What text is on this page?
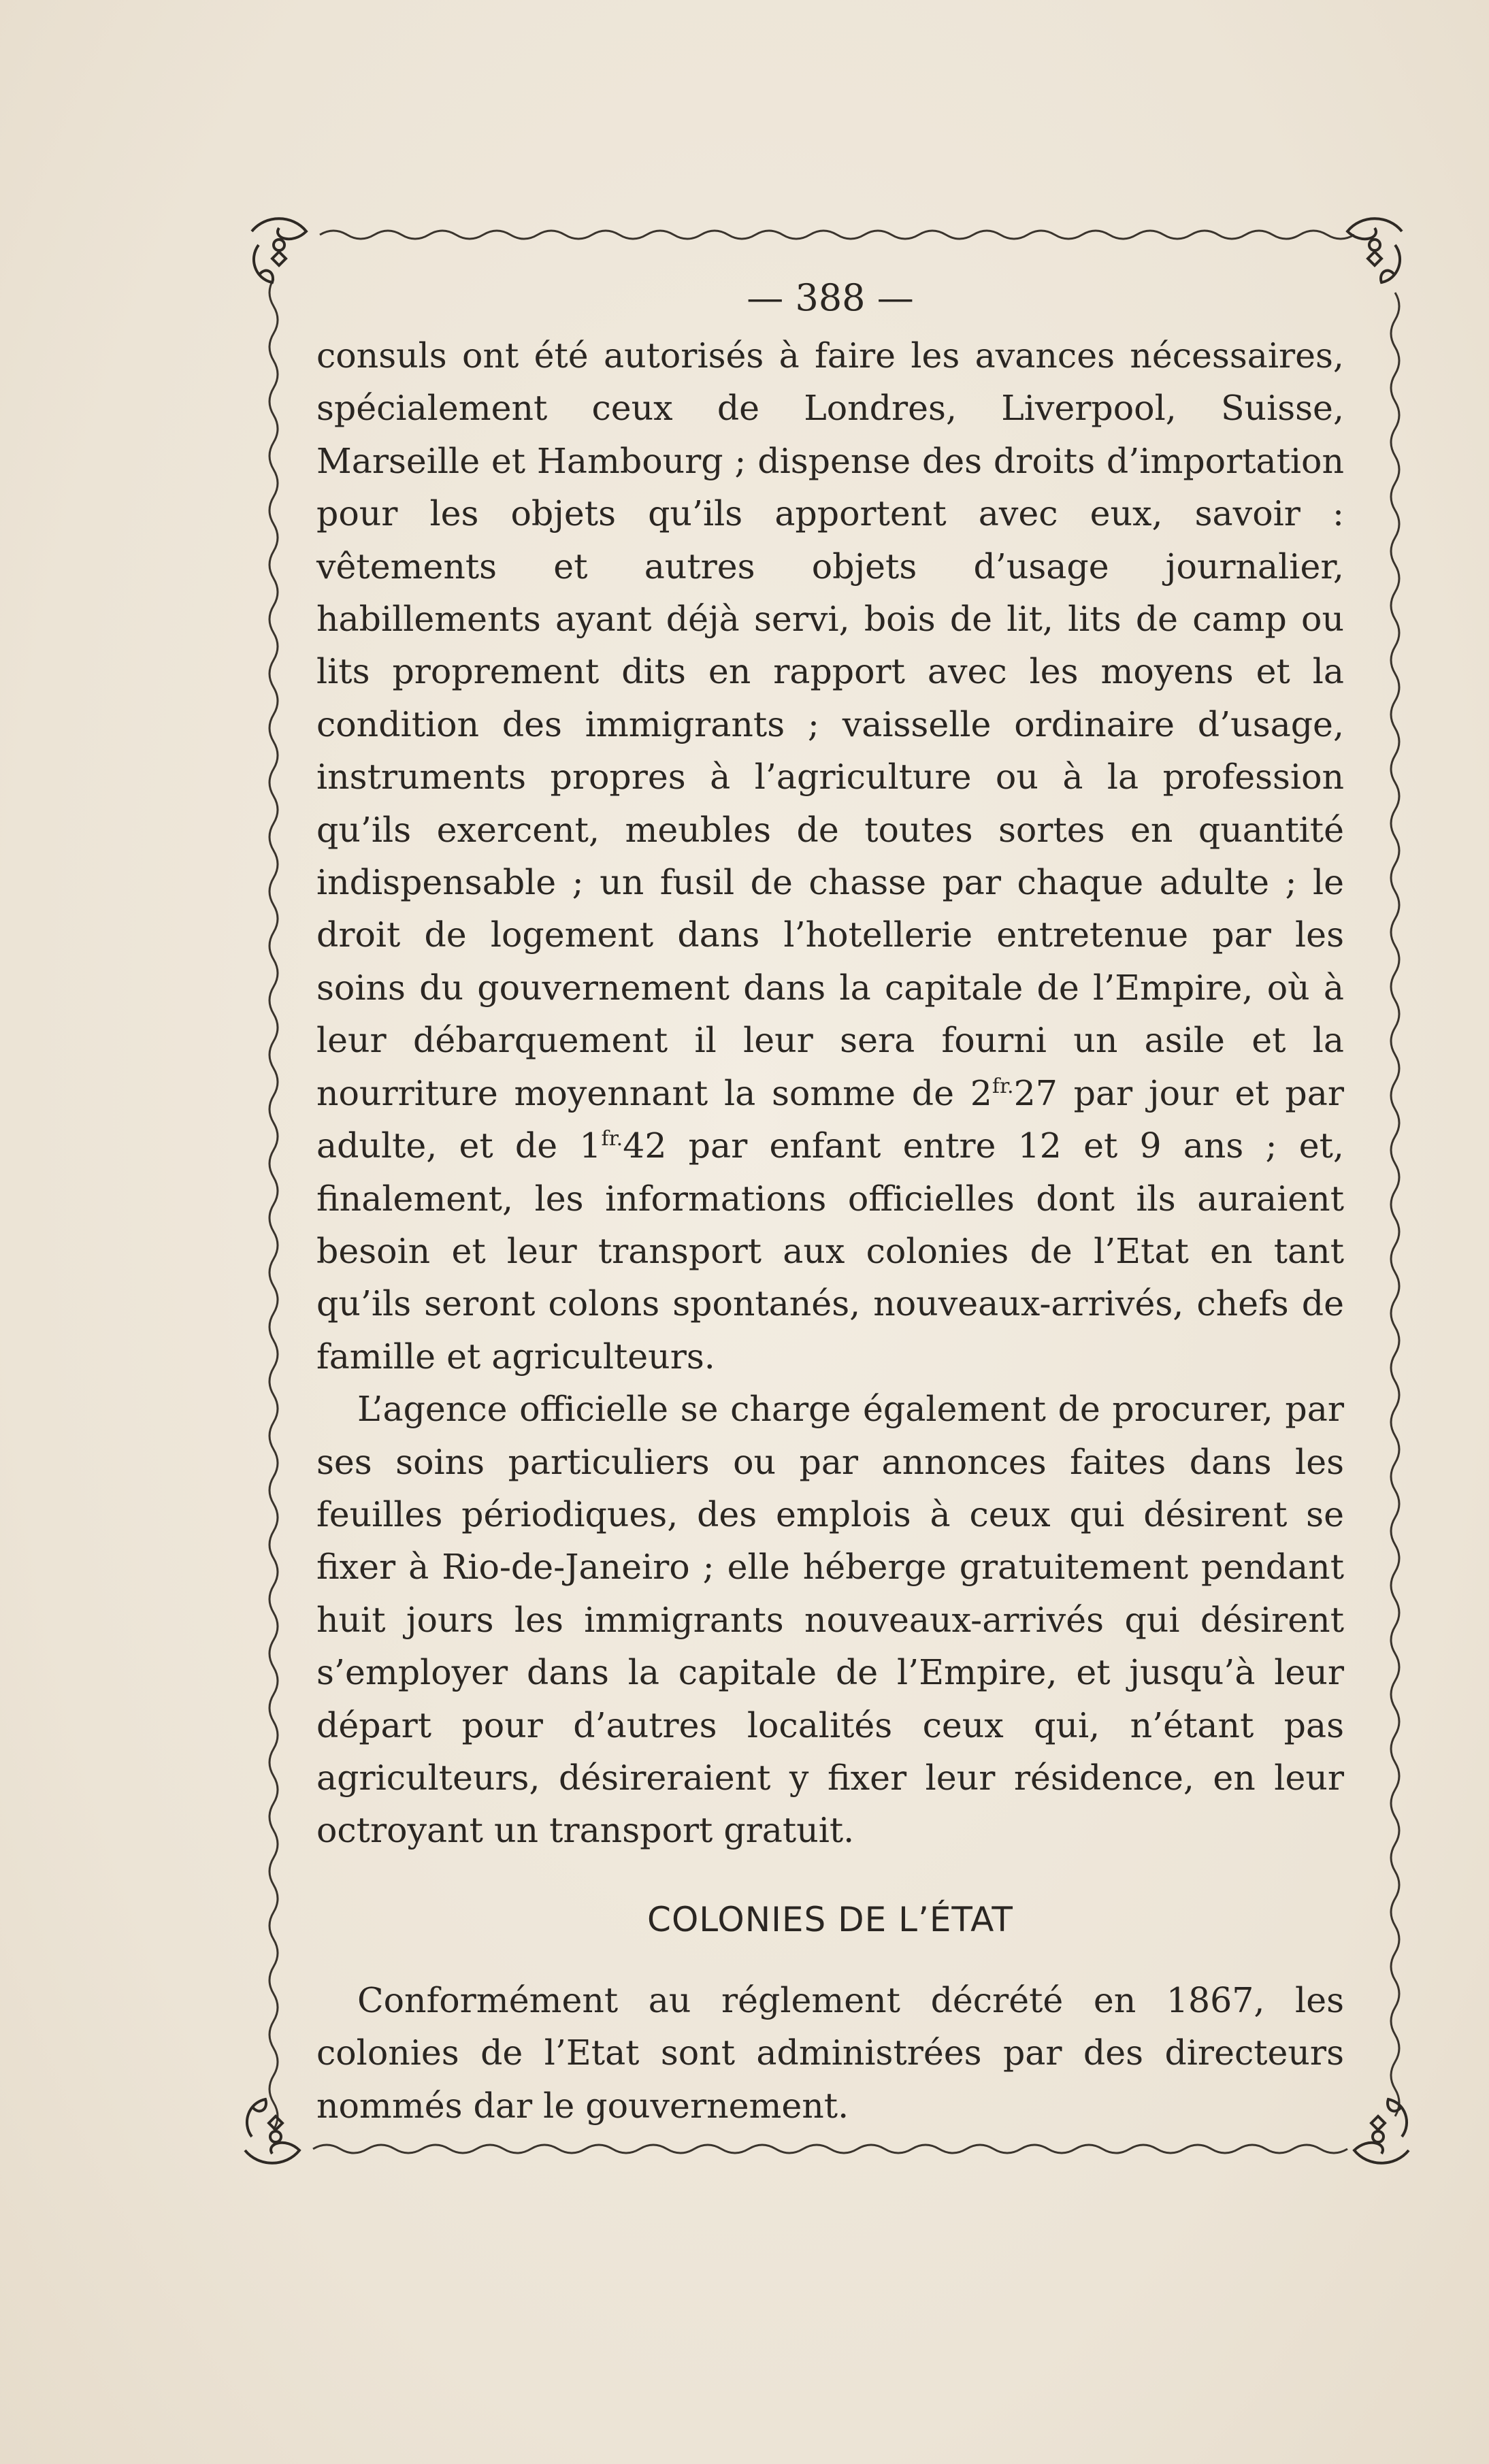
— 388 —

consuls ont été autorisés à faire les avances nécessaires, spécialement ceux de Londres, Liverpool, Suisse, Marseille et Hambourg ; dispense des droits d’importation pour les objets qu’ils apportent avec eux, savoir : vêtements et autres objets d’usage journalier, habillements ayant déjà servi, bois de lit, lits de camp ou lits proprement dits en rapport avec les moyens et la condition des immigrants ; vaisselle ordinaire d’usage, instruments propres à l’agriculture ou à la profession qu’ils exercent, meubles de toutes sortes en quantité indispensable ; un fusil de chasse par chaque adulte ; le droit de logement dans l’hotellerie entretenue par les soins du gouvernement dans la capitale de l’Empire, où à leur débarquement il leur sera fourni un asile et la nourriture moyennant la somme de $2^{fr.}27$ par jour et par adulte, et de $1^{fr.}42$ par enfant entre 12 et 9 ans ; et, finalement, les informations officielles dont ils auraient besoin et leur transport aux colonies de l’Etat en tant qu’ils seront colons spontanés, nouveaux-arrivés, chefs de famille et agriculteurs.

L’agence officielle se charge également de procurer, par ses soins particuliers ou par annonces faites dans les feuilles périodiques, des emplois à ceux qui désirent se fixer à Rio-de-Janeiro ; elle héberge gratuitement pendant huit jours les immigrants nouveaux-arrivés qui désirent s’employer dans la capitale de l’Empire, et jusqu’à leur départ pour d’autres localités ceux qui, n’étant pas agriculteurs, désireraient y fixer leur résidence, en leur octroyant un transport gratuit.

COLONIES DE L’ÉTAT

Conformément au réglement décrété en 1867, les colonies de l’Etat sont administrées par des directeurs nommés dar le gouvernement.
